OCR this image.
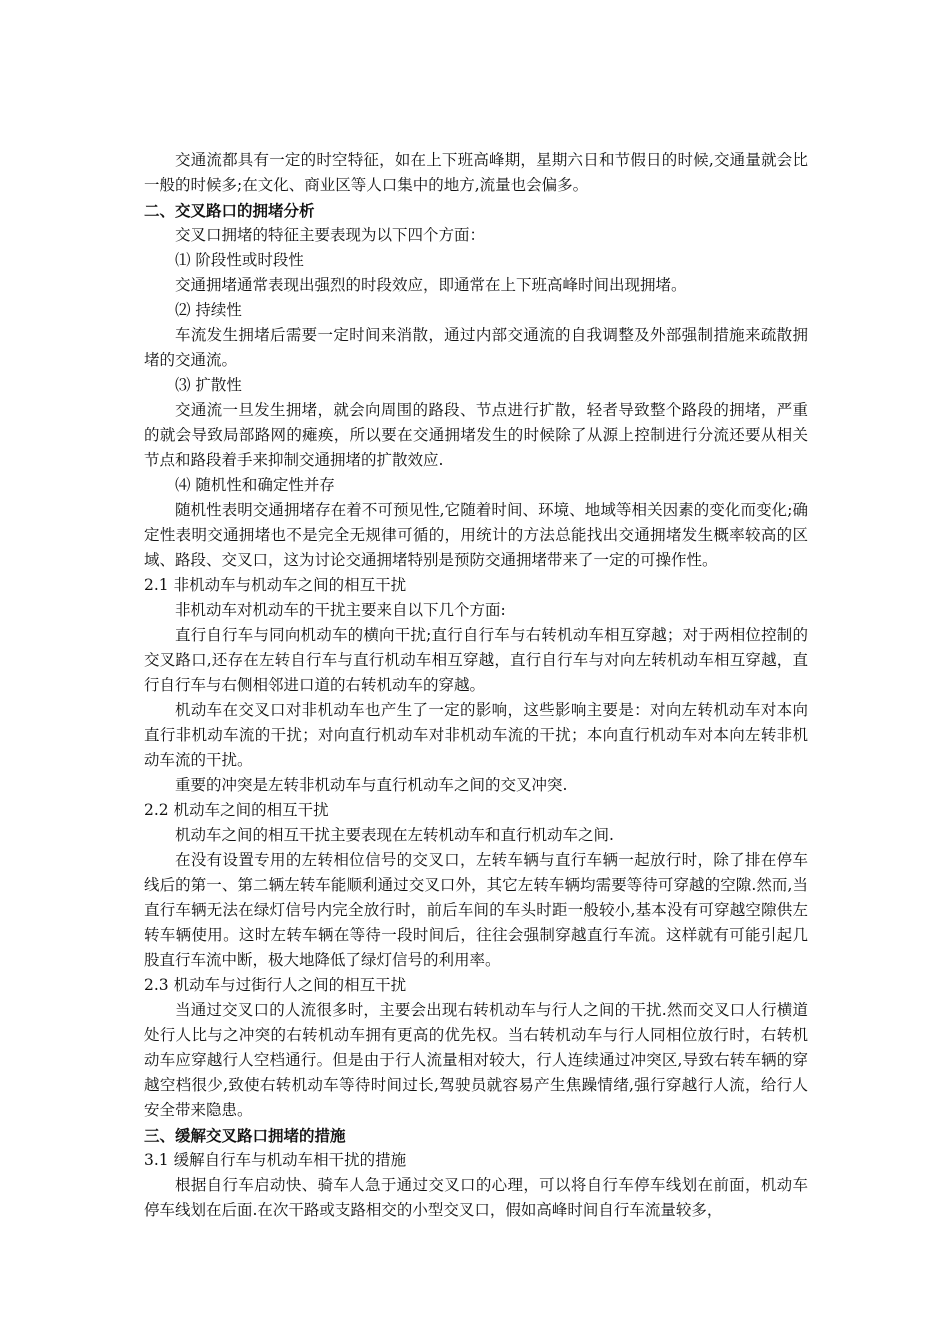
交通流都具有一定的时空特征，如在上下班高峰期，星期六日和节假日的时候,交通量就会比一般的时候多;在文化、商业区等人口集中的地方,流量也会偏多。

二、交叉路口的拥堵分析

交叉口拥堵的特征主要表现为以下四个方面：

⑴ 阶段性或时段性

交通拥堵通常表现出强烈的时段效应，即通常在上下班高峰时间出现拥堵。

⑵ 持续性

车流发生拥堵后需要一定时间来消散，通过内部交通流的自我调整及外部强制措施来疏散拥堵的交通流。

⑶ 扩散性

交通流一旦发生拥堵，就会向周围的路段、节点进行扩散，轻者导致整个路段的拥堵，严重的就会导致局部路网的瘫痪，所以要在交通拥堵发生的时候除了从源上控制进行分流还要从相关节点和路段着手来抑制交通拥堵的扩散效应.

⑷ 随机性和确定性并存

随机性表明交通拥堵存在着不可预见性,它随着时间、环境、地域等相关因素的变化而变化;确定性表明交通拥堵也不是完全无规律可循的，用统计的方法总能找出交通拥堵发生概率较高的区域、路段、交叉口，这为讨论交通拥堵特别是预防交通拥堵带来了一定的可操作性。

2.1 非机动车与机动车之间的相互干扰

非机动车对机动车的干扰主要来自以下几个方面:

直行自行车与同向机动车的横向干扰;直行自行车与右转机动车相互穿越；对于两相位控制的交叉路口,还存在左转自行车与直行机动车相互穿越，直行自行车与对向左转机动车相互穿越，直行自行车与右侧相邻进口道的右转机动车的穿越。

机动车在交叉口对非机动车也产生了一定的影响，这些影响主要是：对向左转机动车对本向直行非机动车流的干扰；对向直行机动车对非机动车流的干扰；本向直行机动车对本向左转非机动车流的干扰。

重要的冲突是左转非机动车与直行机动车之间的交叉冲突.

2.2 机动车之间的相互干扰

机动车之间的相互干扰主要表现在左转机动车和直行机动车之间.

在没有设置专用的左转相位信号的交叉口，左转车辆与直行车辆一起放行时，除了排在停车线后的第一、第二辆左转车能顺利通过交叉口外，其它左转车辆均需要等待可穿越的空隙.然而,当直行车辆无法在绿灯信号内完全放行时，前后车间的车头时距一般较小,基本没有可穿越空隙供左转车辆使用。这时左转车辆在等待一段时间后，往往会强制穿越直行车流。这样就有可能引起几股直行车流中断，极大地降低了绿灯信号的利用率。

2.3 机动车与过街行人之间的相互干扰

当通过交叉口的人流很多时，主要会出现右转机动车与行人之间的干扰.然而交叉口人行横道处行人比与之冲突的右转机动车拥有更高的优先权。当右转机动车与行人同相位放行时，右转机动车应穿越行人空档通行。但是由于行人流量相对较大，行人连续通过冲突区,导致右转车辆的穿越空档很少,致使右转机动车等待时间过长,驾驶员就容易产生焦躁情绪,强行穿越行人流，给行人安全带来隐患。

三、缓解交叉路口拥堵的措施

3.1 缓解自行车与机动车相干扰的措施

根据自行车启动快、骑车人急于通过交叉口的心理，可以将自行车停车线划在前面，机动车停车线划在后面.在次干路或支路相交的小型交叉口，假如高峰时间自行车流量较多，
